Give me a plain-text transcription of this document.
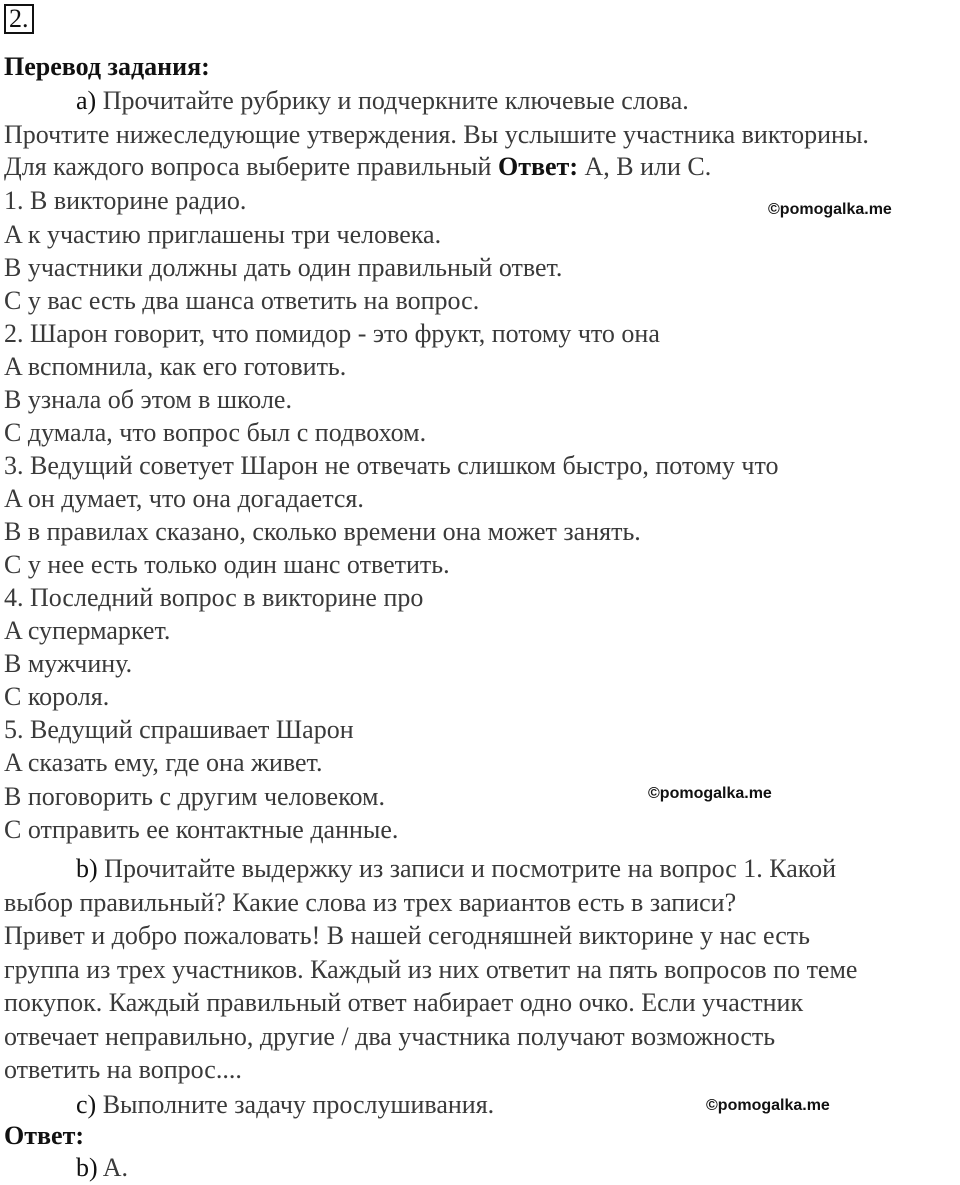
2.
Перевод задания:
a) Прочитайте рубрику и подчеркните ключевые слова.
Прочтите нижеследующие утверждения. Вы услышите участника викторины.
Для каждого вопроса выберите правильный Ответ: A, B или C.
1. В викторине радио.
A к участию приглашены три человека.
B участники должны дать один правильный ответ.
C у вас есть два шанса ответить на вопрос.
2. Шарон говорит, что помидор - это фрукт, потому что она
A вспомнила, как его готовить.
B узнала об этом в школе.
C думала, что вопрос был с подвохом.
3. Ведущий советует Шарон не отвечать слишком быстро, потому что
A он думает, что она догадается.
B в правилах сказано, сколько времени она может занять.
C у нее есть только один шанс ответить.
4. Последний вопрос в викторине про
A супермаркет.
B мужчину.
C короля.
5. Ведущий спрашивает Шарон
A сказать ему, где она живет.
B поговорить с другим человеком.
C отправить ее контактные данные.
b) Прочитайте выдержку из записи и посмотрите на вопрос 1. Какой
выбор правильный? Какие слова из трех вариантов есть в записи?
Привет и добро пожаловать! В нашей сегодняшней викторине у нас есть
группа из трех участников. Каждый из них ответит на пять вопросов по теме
покупок. Каждый правильный ответ набирает одно очко. Если участник
отвечает неправильно, другие / два участника получают возможность
ответить на вопрос....
c) Выполните задачу прослушивания.
Ответ:
b) A.
©pomogalka.me
©pomogalka.me
©pomogalka.me
